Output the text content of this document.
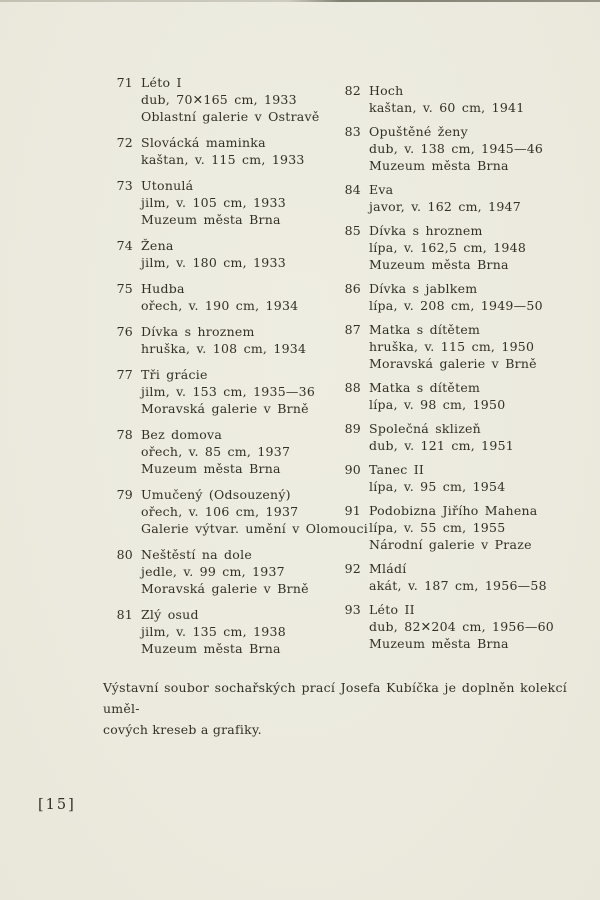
71 Léto I
dub, 70✕165 cm, 1933
Oblastní galerie v Ostravě
72 Slovácká maminka
kaštan, v. 115 cm, 1933
73 Utonulá
jilm, v. 105 cm, 1933
Muzeum města Brna
74 Žena
jilm, v. 180 cm, 1933
75 Hudba
ořech, v. 190 cm, 1934
76 Dívka s hroznem
hruška, v. 108 cm, 1934
77 Tři grácie
jilm, v. 153 cm, 1935—36
Moravská galerie v Brně
78 Bez domova
ořech, v. 85 cm, 1937
Muzeum města Brna
79 Umučený (Odsouzený)
ořech, v. 106 cm, 1937
Galerie výtvar. umění v Olomouci
80 Neštěstí na dole
jedle, v. 99 cm, 1937
Moravská galerie v Brně
81 Zlý osud
jilm, v. 135 cm, 1938
Muzeum města Brna
82 Hoch
kaštan, v. 60 cm, 1941
83 Opuštěné ženy
dub, v. 138 cm, 1945—46
Muzeum města Brna
84 Eva
javor, v. 162 cm, 1947
85 Dívka s hroznem
lípa, v. 162,5 cm, 1948
Muzeum města Brna
86 Dívka s jablkem
lípa, v. 208 cm, 1949—50
87 Matka s dítětem
hruška, v. 115 cm, 1950
Moravská galerie v Brně
88 Matka s dítětem
lípa, v. 98 cm, 1950
89 Společná sklizeň
dub, v. 121 cm, 1951
90 Tanec II
lípa, v. 95 cm, 1954
91 Podobizna Jiřího Mahena
lípa, v. 55 cm, 1955
Národní galerie v Praze
92 Mládí
akát, v. 187 cm, 1956—58
93 Léto II
dub, 82✕204 cm, 1956—60
Muzeum města Brna
Výstavní soubor sochařských prací Josefa Kubíčka je doplněn kolekcí uměl-
cových kreseb a grafiky.
[15]
